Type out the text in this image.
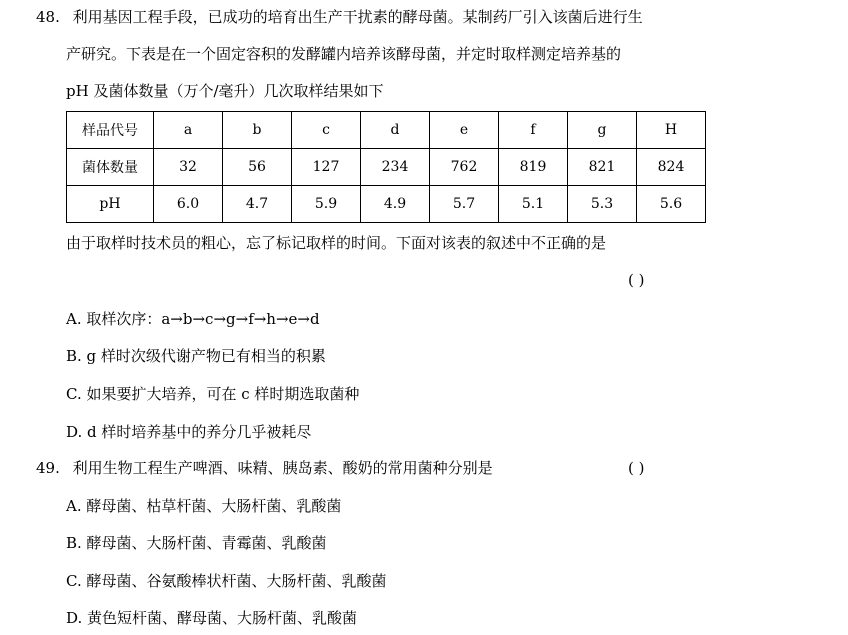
48. 利用基因工程手段，已成功的培育出生产干扰素的酵母菌。某制药厂引入该菌后进行生
产研究。下表是在一个固定容积的发酵罐内培养该酵母菌，并定时取样测定培养基的
pH 及菌体数量（万个/毫升）几次取样结果如下
样品代号	a	b	c	d	e	f	g	H
菌体数量	32	56	127	234	762	819	821	824
pH	6.0	4.7	5.9	4.9	5.7	5.1	5.3	5.6
由于取样时技术员的粗心，忘了标记取样的时间。下面对该表的叙述中不正确的是
( )
A. 取样次序：a→b→c→g→f→h→e→d
B. g 样时次级代谢产物已有相当的积累
C. 如果要扩大培养，可在 c 样时期选取菌种
D. d 样时培养基中的养分几乎被耗尽
49. 利用生物工程生产啤酒、味精、胰岛素、酸奶的常用菌种分别是	( )
A. 酵母菌、枯草杆菌、大肠杆菌、乳酸菌
B. 酵母菌、大肠杆菌、青霉菌、乳酸菌
C. 酵母菌、谷氨酸棒状杆菌、大肠杆菌、乳酸菌
D. 黄色短杆菌、酵母菌、大肠杆菌、乳酸菌
